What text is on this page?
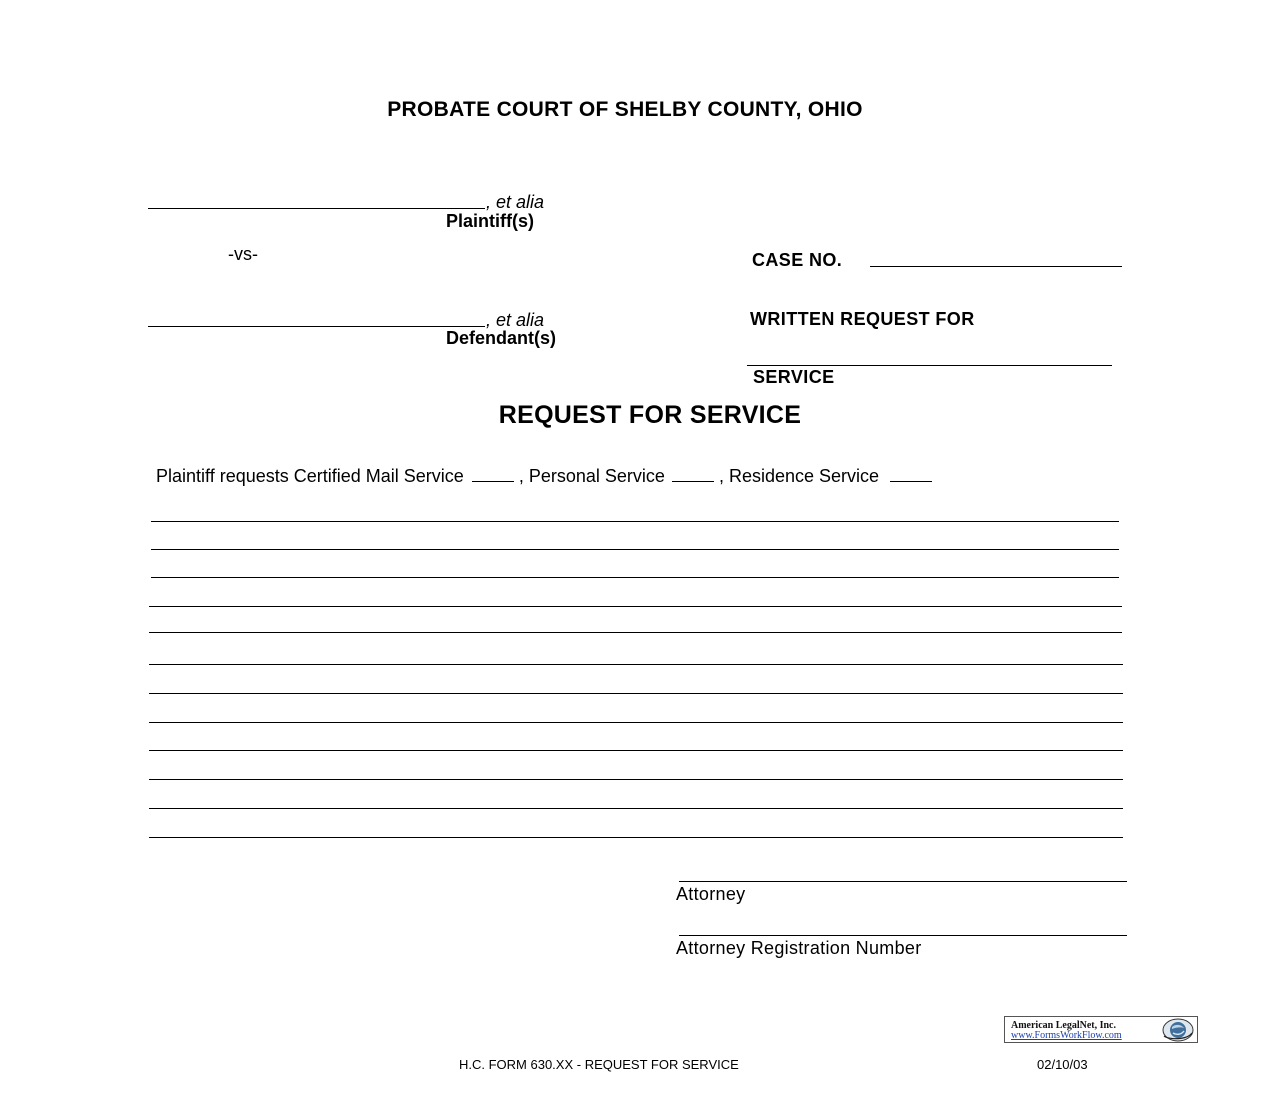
PROBATE COURT OF SHELBY COUNTY, OHIO
, et alia
Plaintiff(s)
-vs-
, et alia
Defendant(s)
CASE NO.
WRITTEN REQUEST FOR
SERVICE
REQUEST FOR SERVICE
Plaintiff requests Certified Mail Service	, Personal Service	, Residence Service
Attorney
Attorney Registration Number
American LegalNet, Inc.
www.FormsWorkFlow.com
H.C. FORM 630.XX - REQUEST FOR SERVICE	02/10/03
